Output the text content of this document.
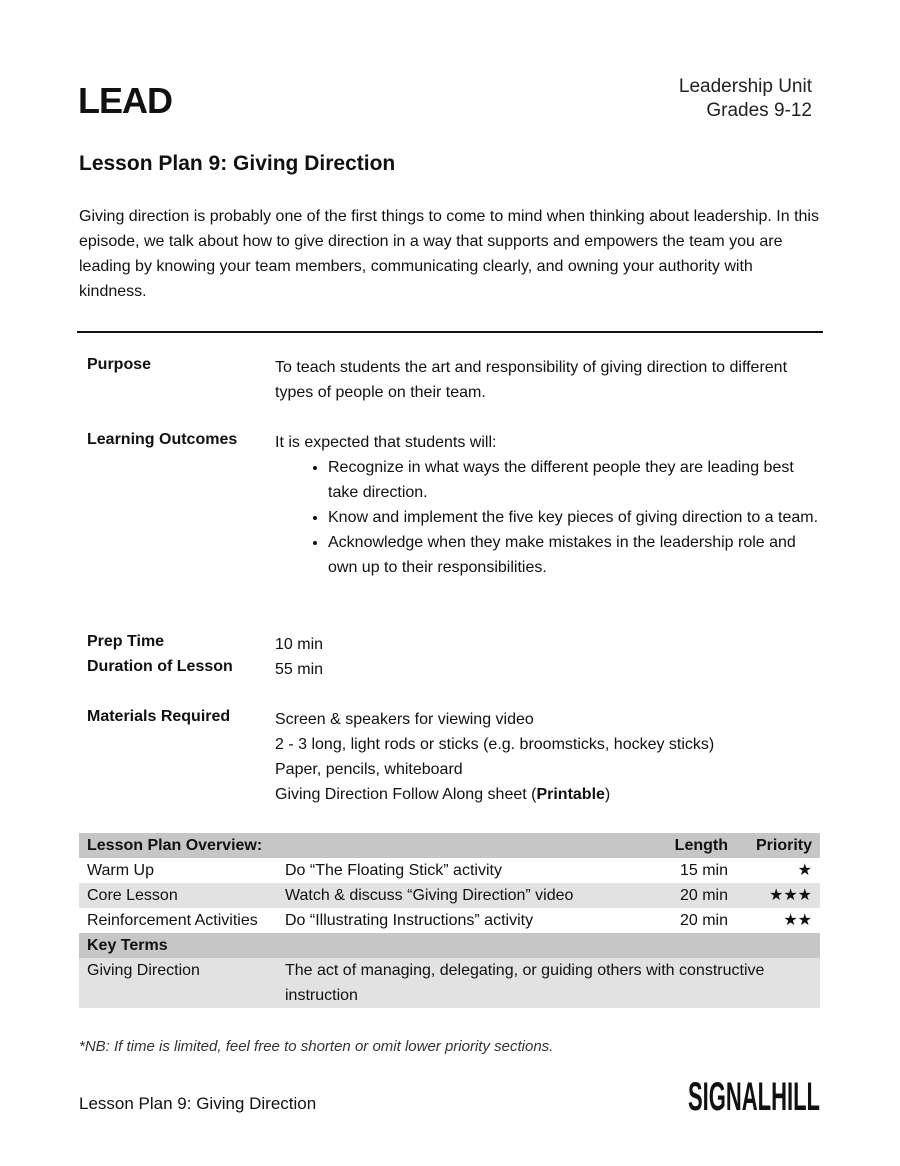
LEAD	Leadership Unit
Grades 9-12
Lesson Plan 9: Giving Direction
Giving direction is probably one of the first things to come to mind when thinking about leadership. In this episode, we talk about how to give direction in a way that supports and empowers the team you are leading by knowing your team members, communicating clearly, and owning your authority with kindness.
Purpose	To teach students the art and responsibility of giving direction to different types of people on their team.
Learning Outcomes It is expected that students will:
• Recognize in what ways the different people they are leading best take direction.
• Know and implement the five key pieces of giving direction to a team.
• Acknowledge when they make mistakes in the leadership role and own up to their responsibilities.
Prep Time	10 min
Duration of Lesson	55 min
Materials Required	Screen & speakers for viewing video
2 - 3 long, light rods or sticks (e.g. broomsticks, hockey sticks)
Paper, pencils, whiteboard
Giving Direction Follow Along sheet (Printable)
Lesson Plan Overview:		Length	Priority
Warm Up	Do “The Floating Stick” activity	15 min	★
Core Lesson	Watch & discuss “Giving Direction” video	20 min	★★★
Reinforcement Activities	Do “Illustrating Instructions” activity	20 min	★★
Key Terms			
Giving Direction	The act of managing, delegating, or guiding others with constructive instruction		
*NB: If time is limited, feel free to shorten or omit lower priority sections.
Lesson Plan 9: Giving Direction	SIGNALHILL
